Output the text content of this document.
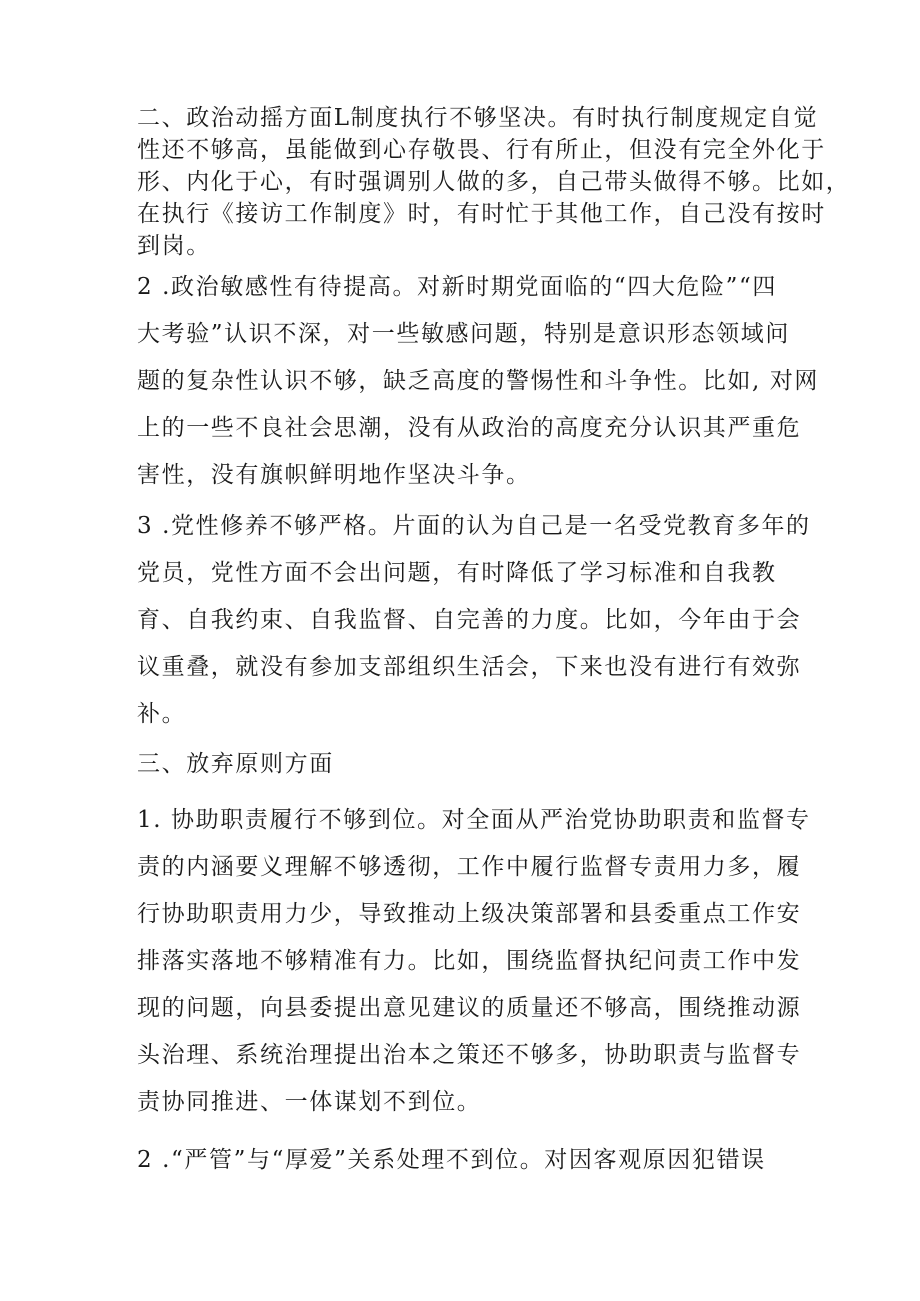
二、政治动摇方面L制度执行不够坚决。有时执行制度规定自觉
性还不够高，虽能做到心存敬畏、行有所止，但没有完全外化于
形、内化于心，有时强调别人做的多，自己带头做得不够。比如，
在执行《接访工作制度》时，有时忙于其他工作，自己没有按时
到岗。
2 .政治敏感性有待提高。对新时期党面临的“四大危险”“四
大考验”认识不深，对一些敏感问题，特别是意识形态领域问
题的复杂性认识不够，缺乏高度的警惕性和斗争性。比如, 对网
上的一些不良社会思潮，没有从政治的高度充分认识其严重危
害性，没有旗帜鲜明地作坚决斗争。
3 .党性修养不够严格。片面的认为自己是一名受党教育多年的
党员，党性方面不会出问题，有时降低了学习标准和自我教
育、自我约束、自我监督、自完善的力度。比如，今年由于会
议重叠，就没有参加支部组织生活会，下来也没有进行有效弥
补。
三、放弃原则方面
1. 协助职责履行不够到位。对全面从严治党协助职责和监督专
责的内涵要义理解不够透彻，工作中履行监督专责用力多，履
行协助职责用力少，导致推动上级决策部署和县委重点工作安
排落实落地不够精准有力。比如，围绕监督执纪问责工作中发
现的问题，向县委提出意见建议的质量还不够高，围绕推动源
头治理、系统治理提出治本之策还不够多，协助职责与监督专
责协同推进、一体谋划不到位。
2 .“严管”与“厚爱”关系处理不到位。对因客观原因犯错误
